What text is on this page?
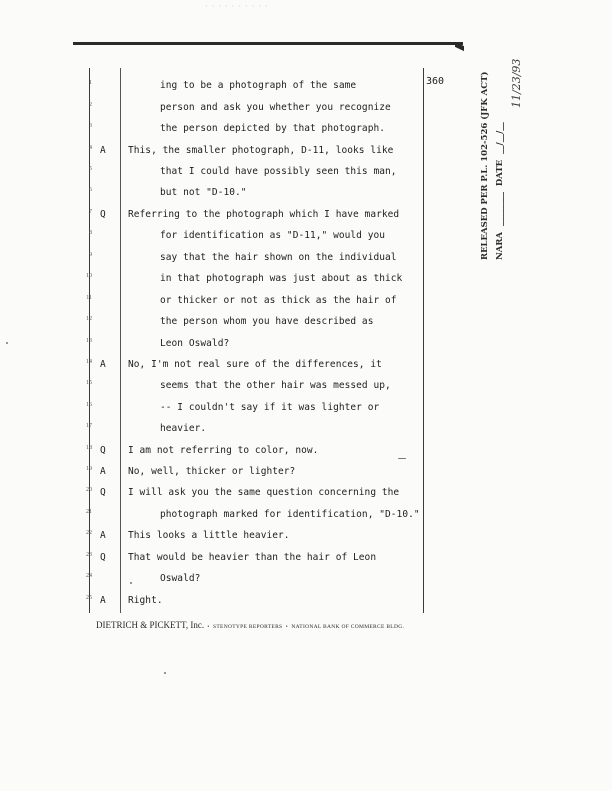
· · · · · · · · · ·
360
1	ing to be a photograph of the same
2	person and ask you whether you recognize
3	the person depicted by that photograph.
4 A This, the smaller photograph, D-11, looks like
5	that I could have possibly seen this man,
6	but not "D-10."
7 Q Referring to the photograph which I have marked
8	for identification as "D-11," would you
9	say that the hair shown on the individual
10	in that photograph was just about as thick
11	or thicker or not as thick as the hair of
12	the person whom you have described as
13	Leon Oswald?
14 A No, I'm not real sure of the differences, it
15	seems that the other hair was messed up,
16	-- I couldn't say if it was lighter or
17	heavier.
18 Q I am not referring to color, now.
19 A No, well, thicker or lighter?
20 Q I will ask you the same question concerning the
21	photograph marked for identification, "D-10."
22 A This looks a little heavier.
23 Q That would be heavier than the hair of Leon
24	Oswald?
25 A Right.
DIETRICH & PICKETT, Inc.  •  STENOTYPE REPORTERS  •  NATIONAL BANK OF COMMERCE BLDG.
RELEASED PER P.L. 102-526 (JFK ACT) NARA  ________  DATE  __/__/__
11/23/93
